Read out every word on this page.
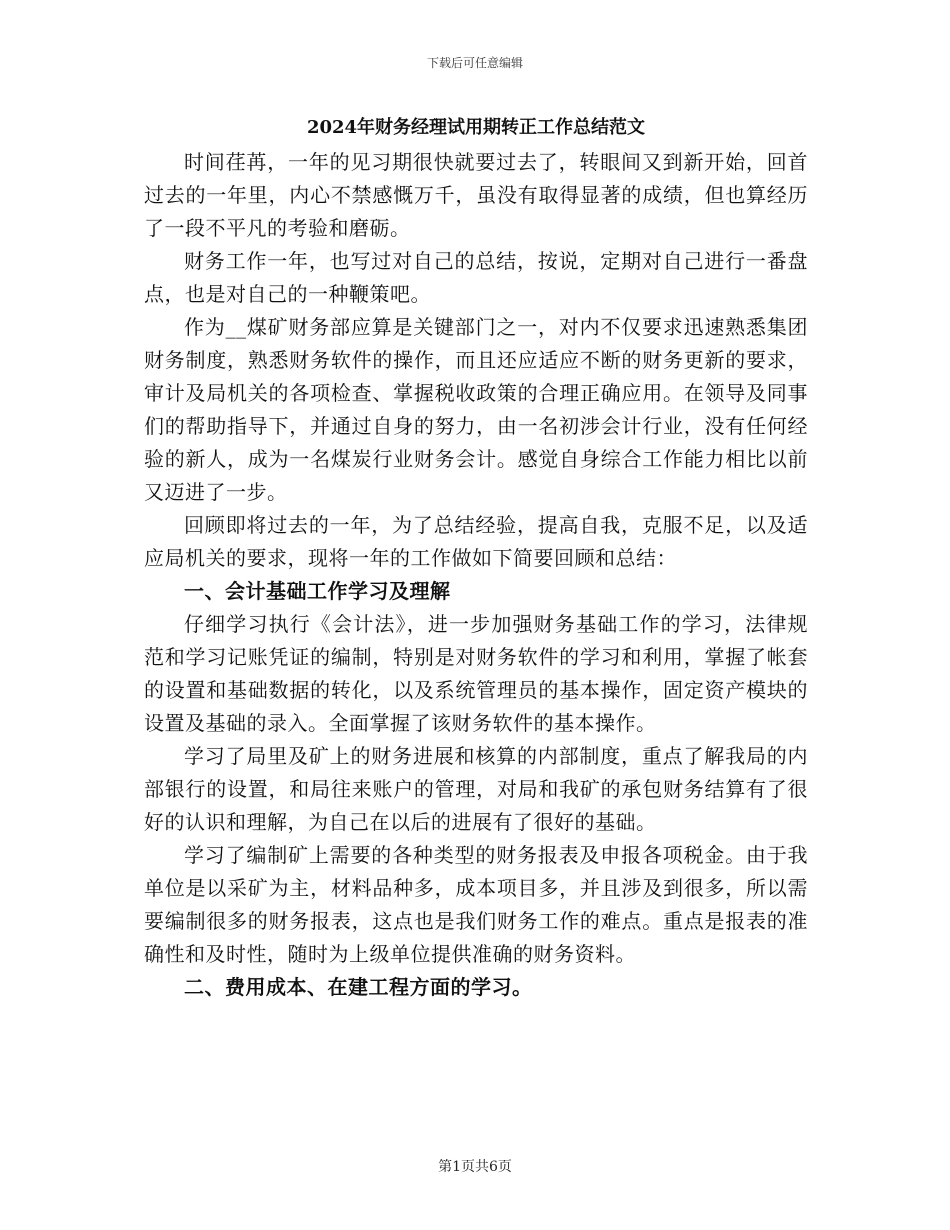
下载后可任意编辑
2024年财务经理试用期转正工作总结范文

时间荏苒，一年的见习期很快就要过去了，转眼间又到新开始，回首过去的一年里，内心不禁感慨万千，虽没有取得显著的成绩，但也算经历了一段不平凡的考验和磨砺。

财务工作一年，也写过对自己的总结，按说，定期对自己进行一番盘点，也是对自己的一种鞭策吧。

作为__煤矿财务部应算是关键部门之一，对内不仅要求迅速熟悉集团财务制度，熟悉财务软件的操作，而且还应适应不断的财务更新的要求，审计及局机关的各项检查、掌握税收政策的合理正确应用。在领导及同事们的帮助指导下，并通过自身的努力，由一名初涉会计行业，没有任何经验的新人，成为一名煤炭行业财务会计。感觉自身综合工作能力相比以前又迈进了一步。

回顾即将过去的一年，为了总结经验，提高自我，克服不足，以及适应局机关的要求，现将一年的工作做如下简要回顾和总结：

一、会计基础工作学习及理解

仔细学习执行《会计法》，进一步加强财务基础工作的学习，法律规范和学习记账凭证的编制，特别是对财务软件的学习和利用，掌握了帐套的设置和基础数据的转化，以及系统管理员的基本操作，固定资产模块的设置及基础的录入。全面掌握了该财务软件的基本操作。

学习了局里及矿上的财务进展和核算的内部制度，重点了解我局的内部银行的设置，和局往来账户的管理，对局和我矿的承包财务结算有了很好的认识和理解，为自己在以后的进展有了很好的基础。

学习了编制矿上需要的各种类型的财务报表及申报各项税金。由于我单位是以采矿为主，材料品种多，成本项目多，并且涉及到很多，所以需要编制很多的财务报表，这点也是我们财务工作的难点。重点是报表的准确性和及时性，随时为上级单位提供准确的财务资料。

二、费用成本、在建工程方面的学习。

第1页共6页
